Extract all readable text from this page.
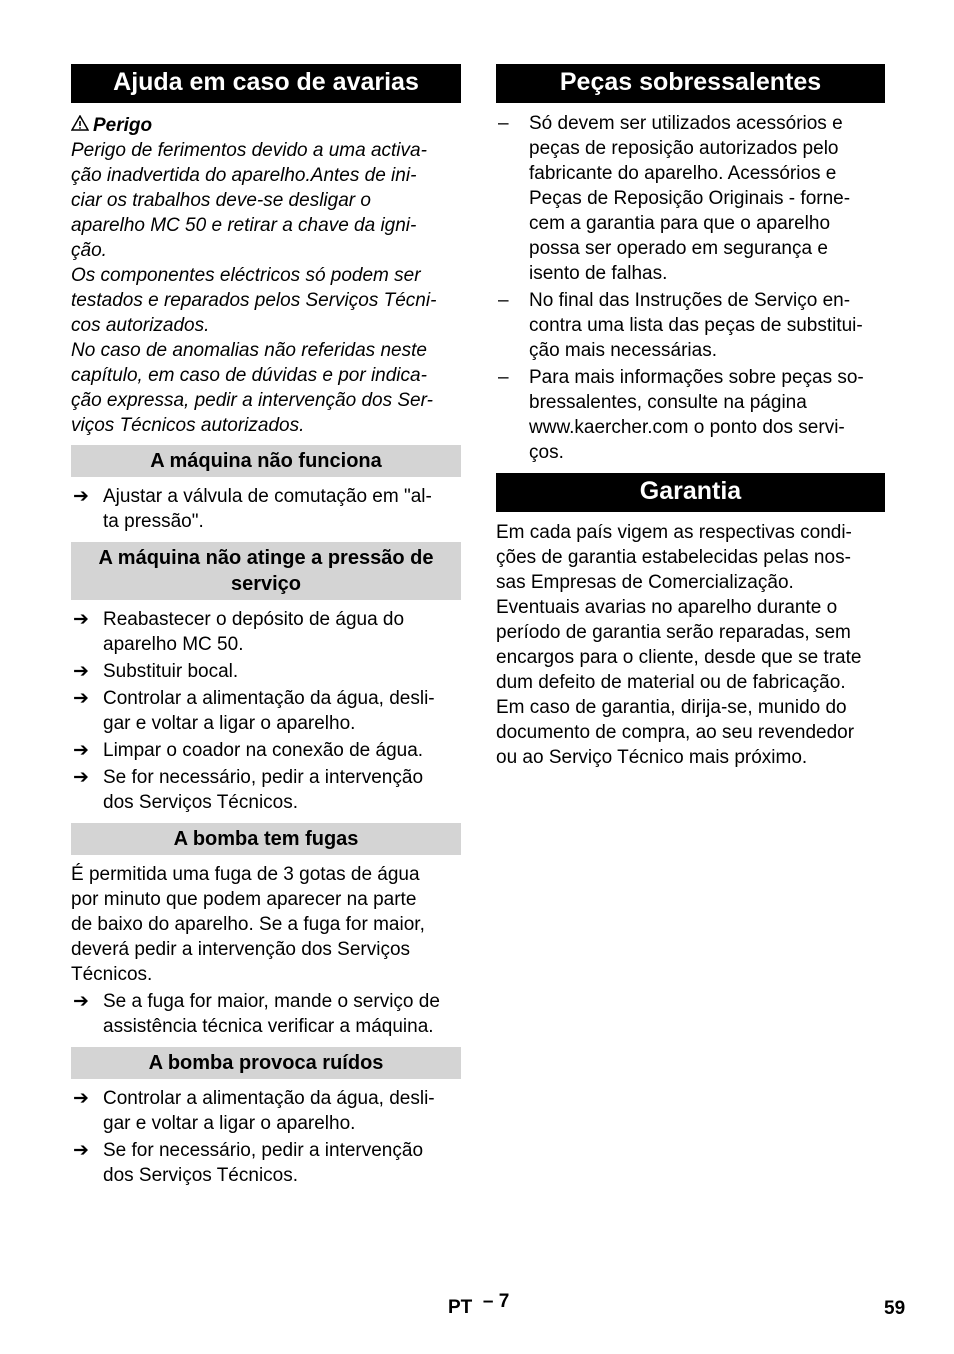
Ajuda em caso de avarias
Perigo

Perigo de ferimentos devido a uma activa-

ção inadvertida do aparelho.Antes de ini-

ciar os trabalhos deve-se desligar o

aparelho MC 50 e retirar a chave da igni-

ção.

Os componentes eléctricos só podem ser

testados e reparados pelos Serviços Técni-

cos autorizados.

No caso de anomalias não referidas neste

capítulo, em caso de dúvidas e por indica-

ção expressa, pedir a intervenção dos Ser-

viços Técnicos autorizados.

A máquina não funciona
➔ Ajustar a válvula de comutação em "al-
ta pressão".
A máquina não atinge a pressão de serviço
➔ Reabastecer o depósito de água do
aparelho MC 50.
➔ Substituir bocal.
➔ Controlar a alimentação da água, desli-
gar e voltar a ligar o aparelho.
➔ Limpar o coador na conexão de água.
➔ Se for necessário, pedir a intervenção
dos Serviços Técnicos.
A bomba tem fugas

É permitida uma fuga de 3 gotas de água
por minuto que podem aparecer na parte
de baixo do aparelho. Se a fuga for maior,
deverá pedir a intervenção dos Serviços
Técnicos.

➔ Se a fuga for maior, mande o serviço de
assistência técnica verificar a máquina.
A bomba provoca ruídos
➔ Controlar a alimentação da água, desli-
gar e voltar a ligar o aparelho.
➔ Se for necessário, pedir a intervenção
dos Serviços Técnicos.
Peças sobressalentes
– Só devem ser utilizados acessórios e
peças de reposição autorizados pelo
fabricante do aparelho. Acessórios e
Peças de Reposição Originais - forne-
cem a garantia para que o aparelho
possa ser operado em segurança e
isento de falhas.
– No final das Instruções de Serviço en-
contra uma lista das peças de substitui-
ção mais necessárias.
– Para mais informações sobre peças so-
bressalentes, consulte na página
www.kaercher.com o ponto dos servi-
ços.
Garantia

Em cada país vigem as respectivas condi-
ções de garantia estabelecidas pelas nos-
sas Empresas de Comercialização.
Eventuais avarias no aparelho durante o
período de garantia serão reparadas, sem
encargos para o cliente, desde que se trate
dum defeito de material ou de fabricação.
Em caso de garantia, dirija-se, munido do
documento de compra, ao seu revendedor
ou ao Serviço Técnico mais próximo.

PT – 7	59
